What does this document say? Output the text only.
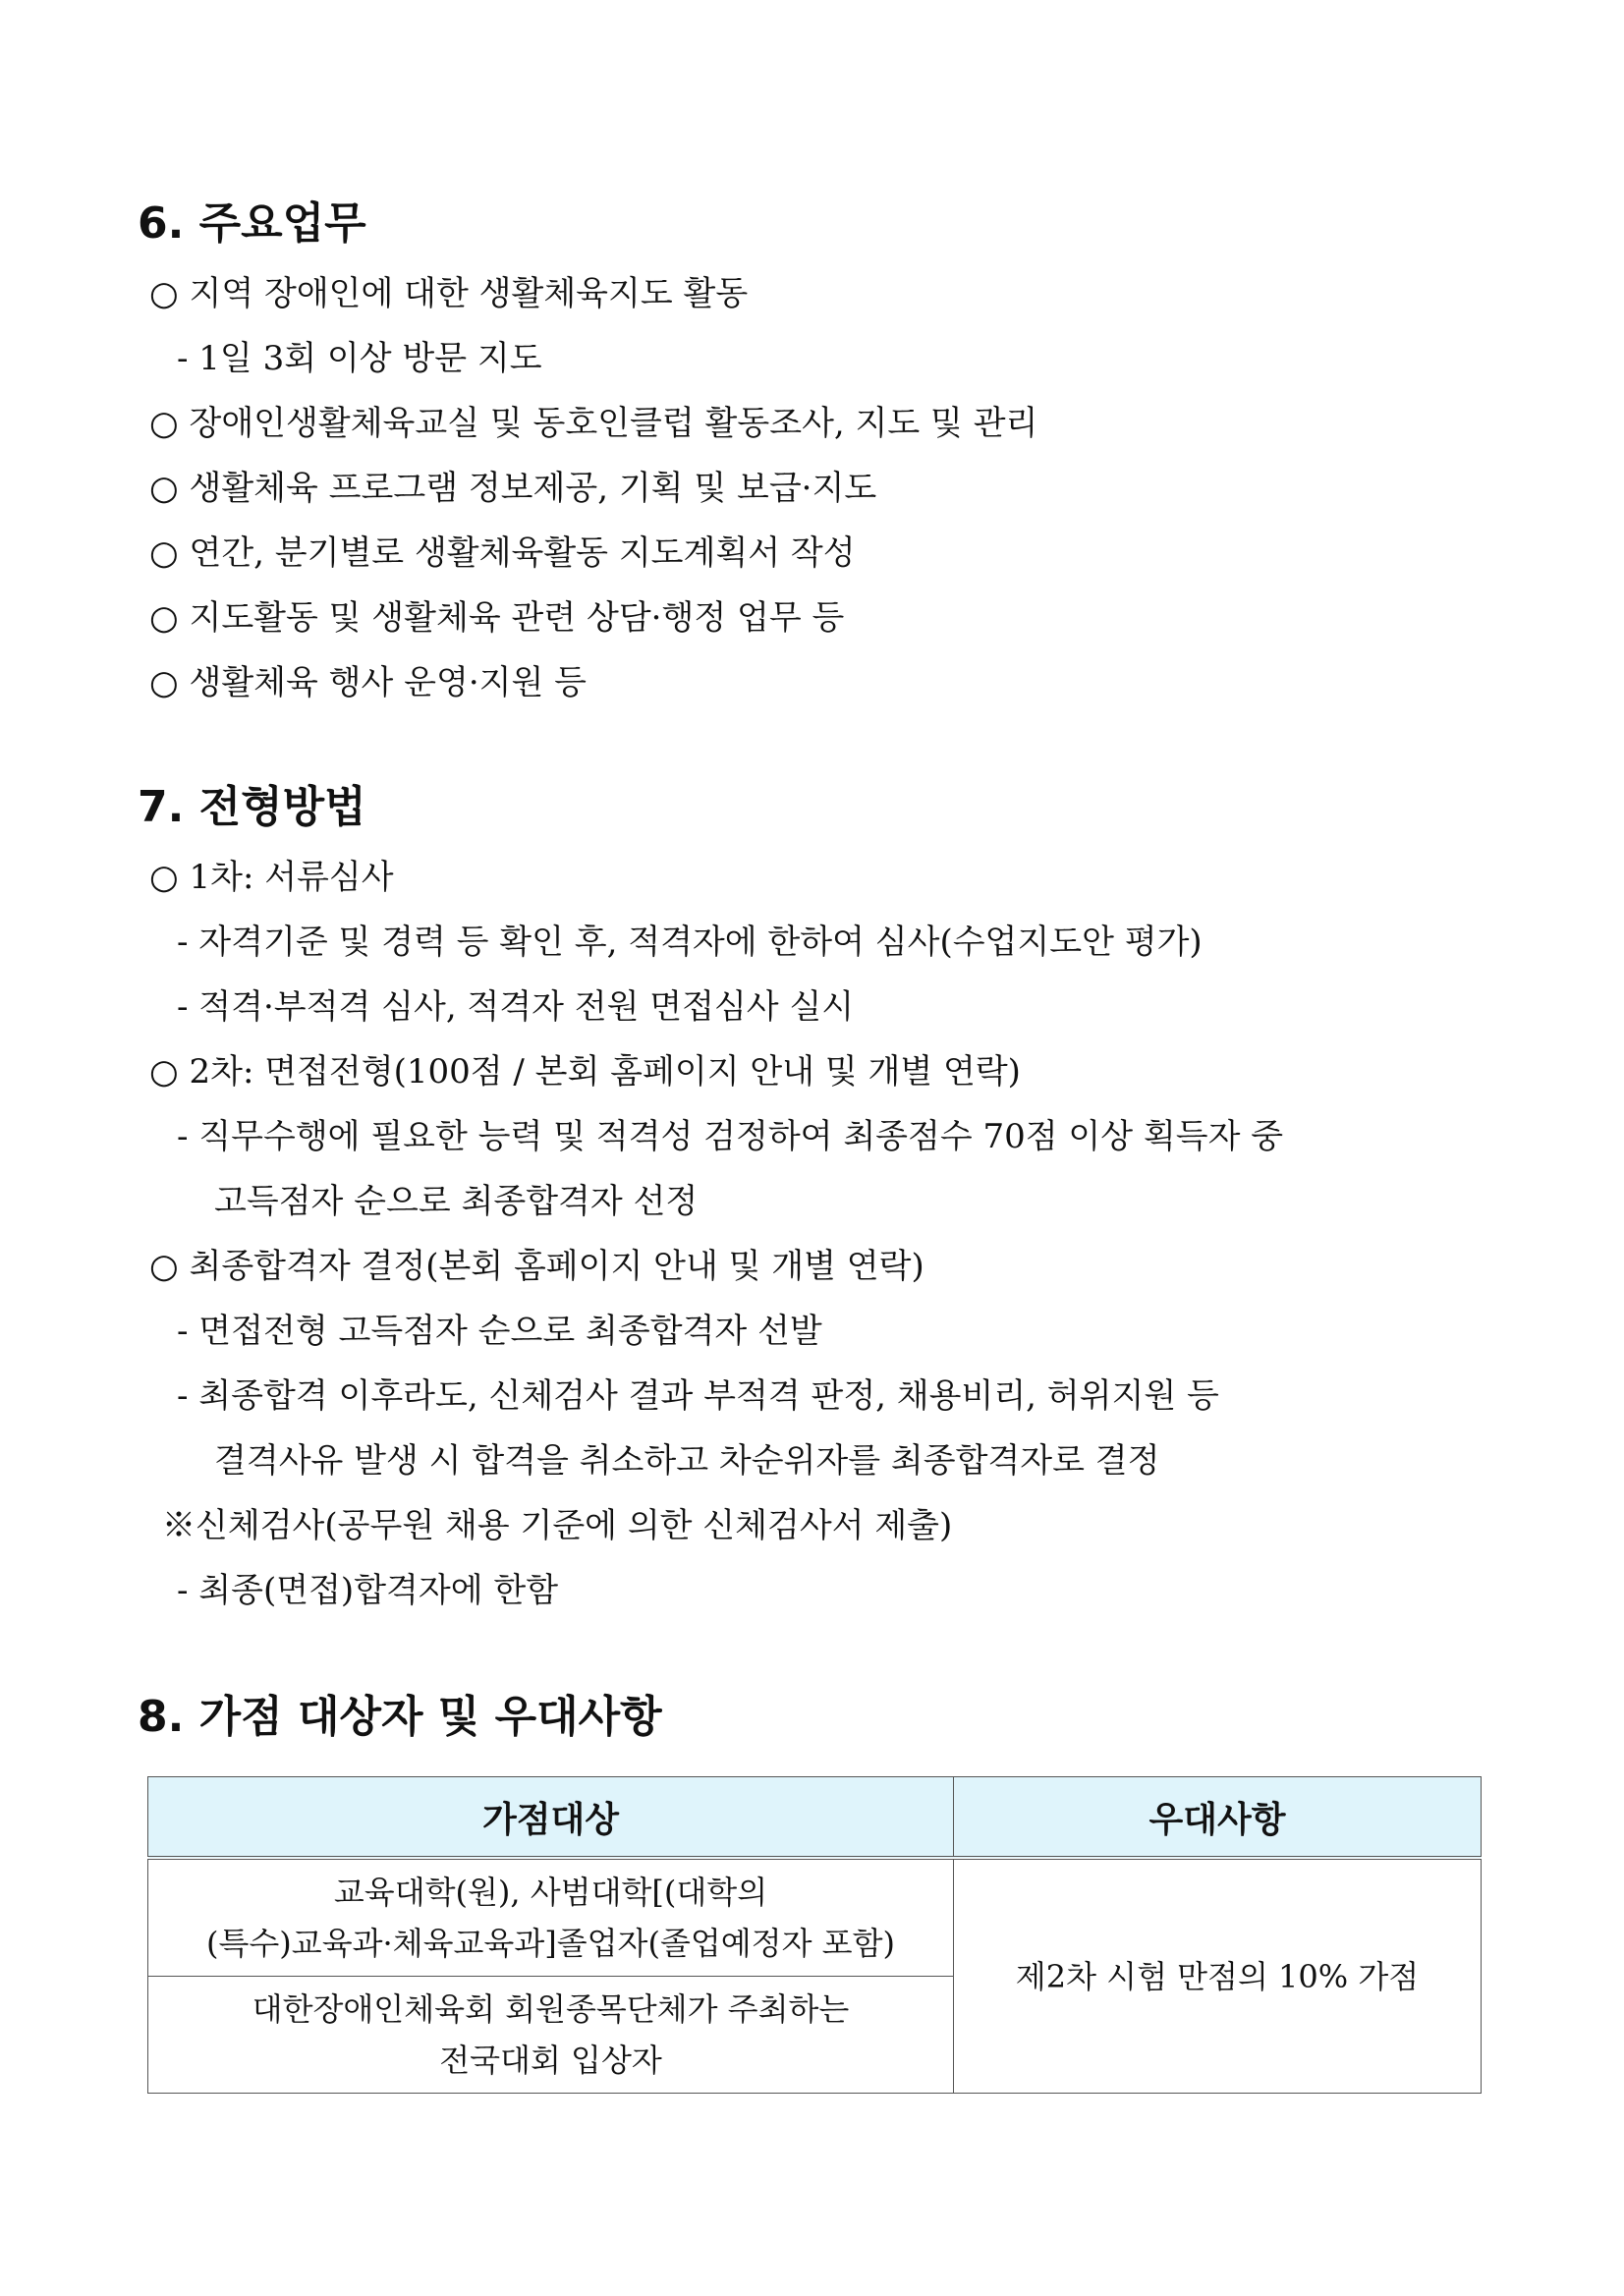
6. 주요업무
○ 지역 장애인에 대한 생활체육지도 활동
- 1일 3회 이상 방문 지도
○ 장애인생활체육교실 및 동호인클럽 활동조사, 지도 및 관리
○ 생활체육 프로그램 정보제공, 기획 및 보급·지도
○ 연간, 분기별로 생활체육활동 지도계획서 작성
○ 지도활동 및 생활체육 관련 상담·행정 업무 등
○ 생활체육 행사 운영·지원 등
7. 전형방법
○ 1차: 서류심사
- 자격기준 및 경력 등 확인 후, 적격자에 한하여 심사(수업지도안 평가)
- 적격·부적격 심사, 적격자 전원 면접심사 실시
○ 2차: 면접전형(100점 / 본회 홈페이지 안내 및 개별 연락)
- 직무수행에 필요한 능력 및 적격성 검정하여 최종점수 70점 이상 획득자 중
고득점자 순으로 최종합격자 선정
○ 최종합격자 결정(본회 홈페이지 안내 및 개별 연락)
- 면접전형 고득점자 순으로 최종합격자 선발
- 최종합격 이후라도, 신체검사 결과 부적격 판정, 채용비리, 허위지원 등
결격사유 발생 시 합격을 취소하고 차순위자를 최종합격자로 결정
※신체검사(공무원 채용 기준에 의한 신체검사서 제출)
- 최종(면접)합격자에 한함
8. 가점 대상자 및 우대사항
가점대상	우대사항

교육대학(원), 사범대학[(대학의
(특수)교육과·체육교육과]졸업자(졸업예정자 포함)	제2차 시험 만점의 10% 가점

대한장애인체육회 회원종목단체가 주최하는
전국대회 입상자	
